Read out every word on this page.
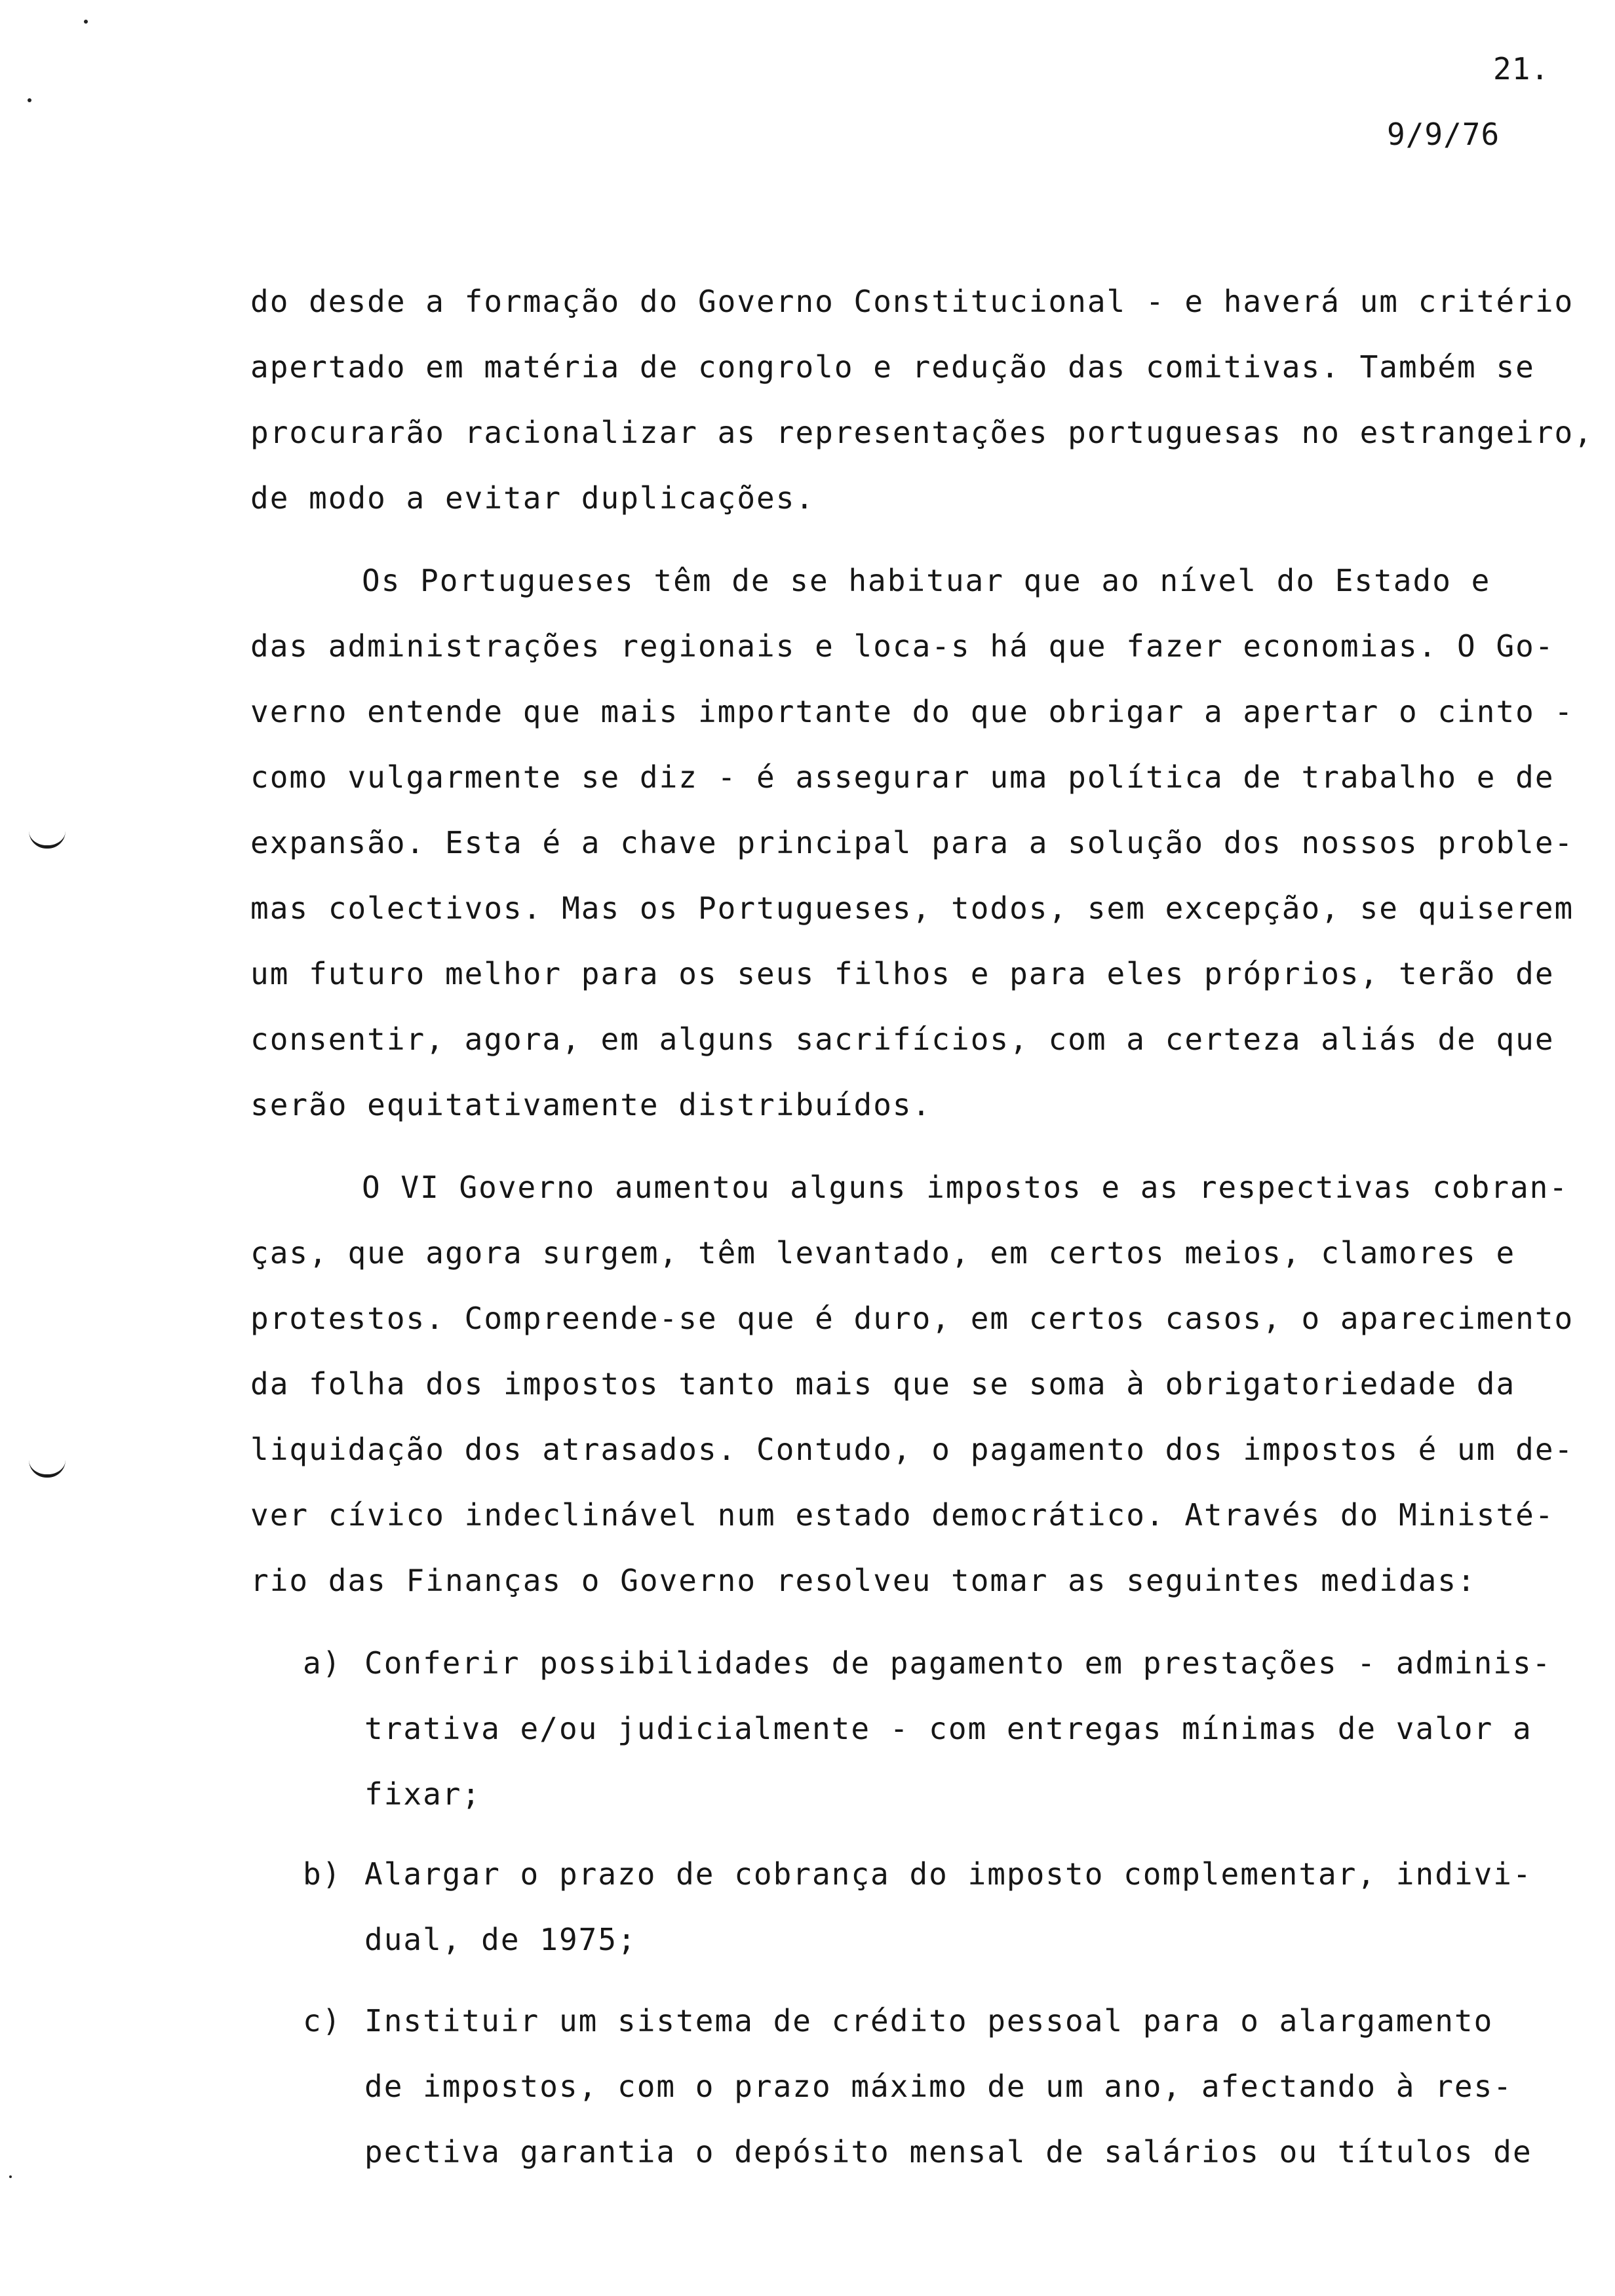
21.
9/9/76
do desde a formação do Governo Constitucional - e haverá um critério
apertado em matéria de congrolo e redução das comitivas. Também se
procurarão racionalizar as representações portuguesas no estrangeiro,
de modo a evitar duplicações.
Os Portugueses têm de se habituar que ao nível do Estado e
das administrações regionais e loca-s há que fazer economias. O Go-
verno entende que mais importante do que obrigar a apertar o cinto -
como vulgarmente se diz - é assegurar uma política de trabalho e de
expansão. Esta é a chave principal para a solução dos nossos proble-
mas colectivos. Mas os Portugueses, todos, sem excepção, se quiserem
um futuro melhor para os seus filhos e para eles próprios, terão de
consentir, agora, em alguns sacrifícios, com a certeza aliás de que
serão equitativamente distribuídos.
O VI Governo aumentou alguns impostos e as respectivas cobran-
ças, que agora surgem, têm levantado, em certos meios, clamores e
protestos. Compreende-se que é duro, em certos casos, o aparecimento
da folha dos impostos tanto mais que se soma à obrigatoriedade da
liquidação dos atrasados. Contudo, o pagamento dos impostos é um de-
ver cívico indeclinável num estado democrático. Através do Ministé-
rio das Finanças o Governo resolveu tomar as seguintes medidas:
a) Conferir possibilidades de pagamento em prestações - adminis-
trativa e/ou judicialmente - com entregas mínimas de valor a
fixar;
b) Alargar o prazo de cobrança do imposto complementar, indivi-
dual, de 1975;
c) Instituir um sistema de crédito pessoal para o alargamento
de impostos, com o prazo máximo de um ano, afectando à res-
pectiva garantia o depósito mensal de salários ou títulos de
